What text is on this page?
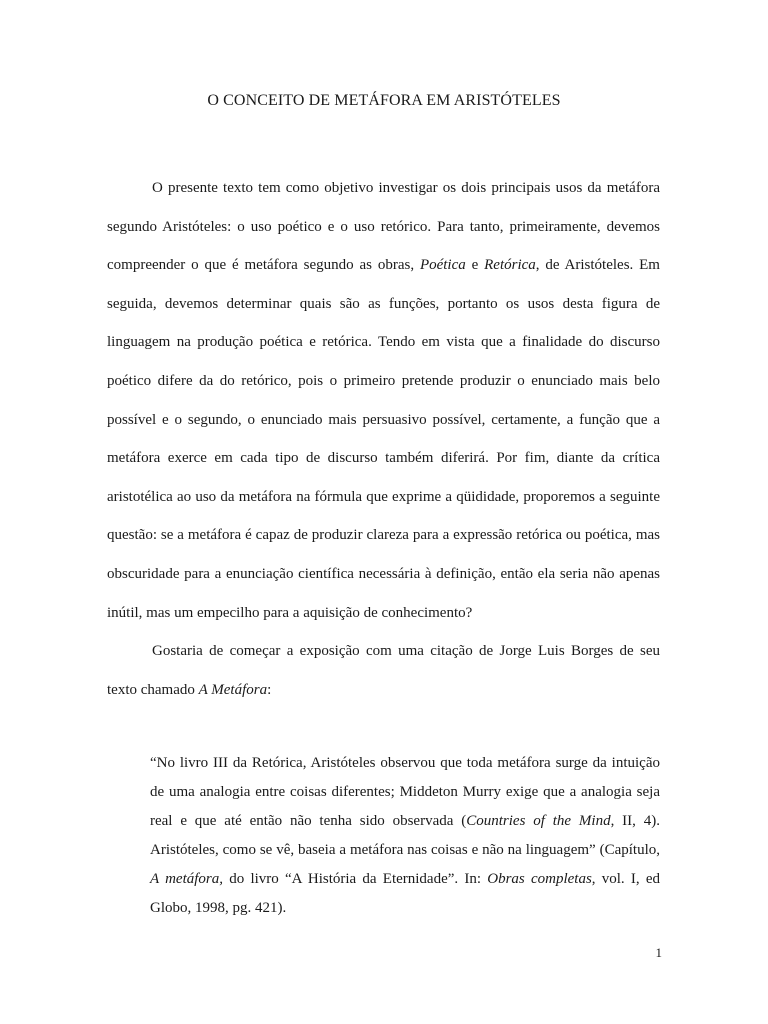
O CONCEITO DE METÁFORA EM ARISTÓTELES

O presente texto tem como objetivo investigar os dois principais usos da metáfora segundo Aristóteles: o uso poético e o uso retórico. Para tanto, primeiramente, devemos compreender o que é metáfora segundo as obras, Poética e Retórica, de Aristóteles. Em seguida, devemos determinar quais são as funções, portanto os usos desta figura de linguagem na produção poética e retórica. Tendo em vista que a finalidade do discurso poético difere da do retórico, pois o primeiro pretende produzir o enunciado mais belo possível e o segundo, o enunciado mais persuasivo possível, certamente, a função que a metáfora exerce em cada tipo de discurso também diferirá. Por fim, diante da crítica aristotélica ao uso da metáfora na fórmula que exprime a qüididade, proporemos a seguinte questão: se a metáfora é capaz de produzir clareza para a expressão retórica ou poética, mas obscuridade para a enunciação científica necessária à definição, então ela seria não apenas inútil, mas um empecilho para a aquisição de conhecimento?

Gostaria de começar a exposição com uma citação de Jorge Luis Borges de seu texto chamado A Metáfora:

“No livro III da Retórica, Aristóteles observou que toda metáfora surge da intuição de uma analogia entre coisas diferentes; Middeton Murry exige que a analogia seja real e que até então não tenha sido observada (Countries of the Mind, II, 4). Aristóteles, como se vê, baseia a metáfora nas coisas e não na linguagem” (Capítulo, A metáfora, do livro “A História da Eternidade”. In: Obras completas, vol. I, ed Globo, 1998, pg. 421).

1
